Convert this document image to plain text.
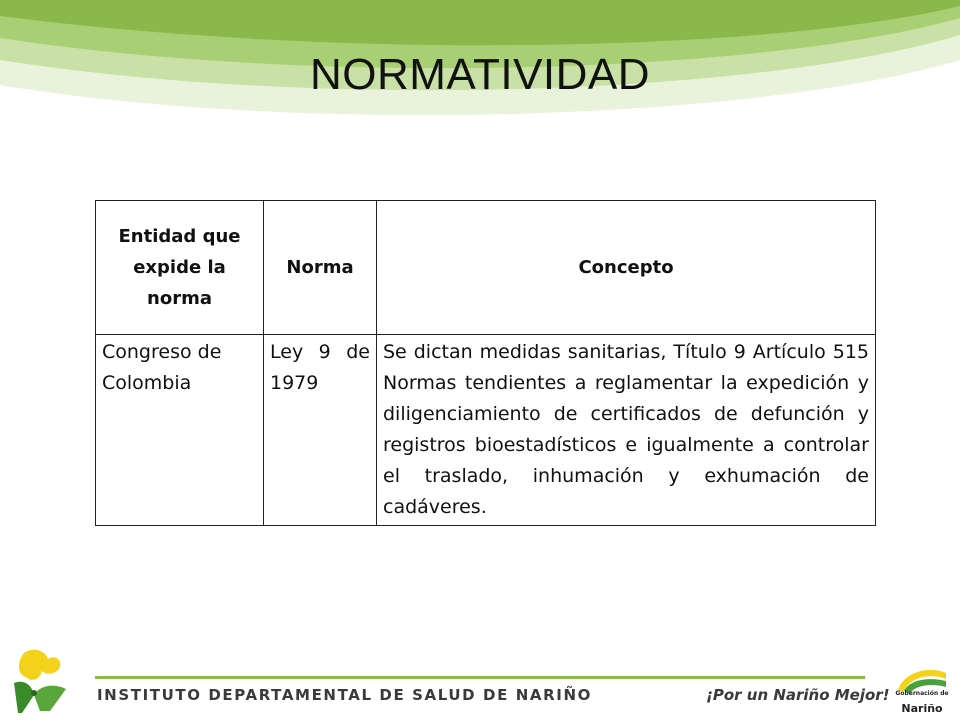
NORMATIVIDAD
Entidad que expide la norma	Norma	Concepto
Congreso de Colombia	Ley 9 de 1979	Se dictan medidas sanitarias, Título 9 Artículo 515 Normas tendientes a reglamentar la expedición y diligenciamiento de certificados de defunción y registros bioestadísticos e igualmente a controlar el traslado, inhumación y exhumación de cadáveres.
INSTITUTO DEPARTAMENTAL DE SALUD DE NARIÑO	¡Por un Nariño Mejor! Gobernación de
Nariño
